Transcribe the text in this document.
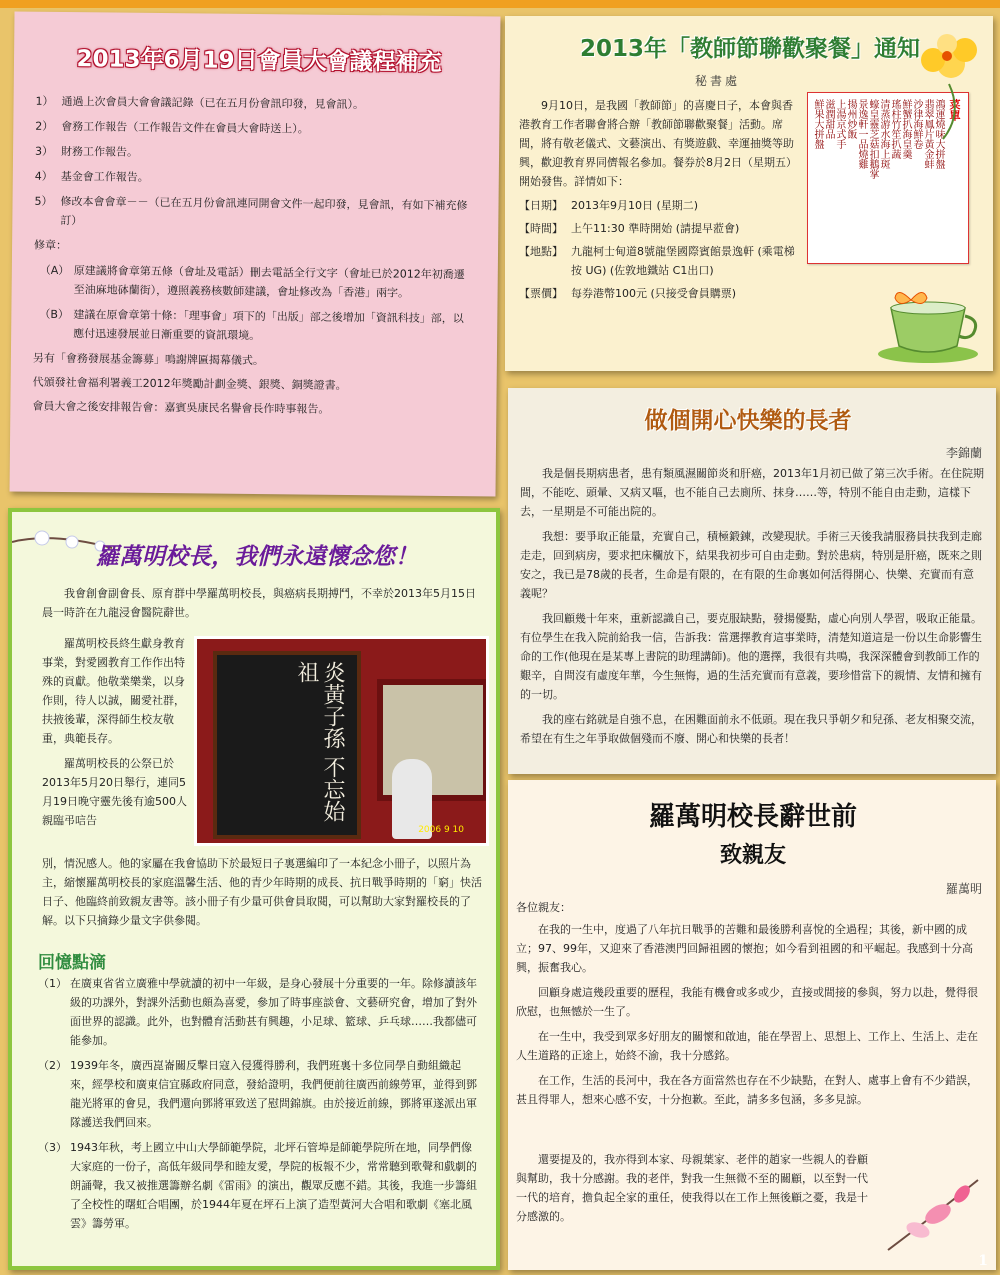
2013年6月19日會員大會議程補充
1） 通過上次會員大會會議記錄（已在五月份會訊印發，見會訊）。
2） 會務工作報告（工作報告文件在會員大會時送上）。
3） 財務工作報告。
4） 基金會工作報告。
5） 修改本會會章－－（已在五月份會訊連同開會文件一起印發，見會訊，有如下補充修訂）
修章：
（A） 原建議將會章第五條（會址及電話）刪去電話全行文字（會址已於2012年初喬遷至油麻地砵蘭街），遵照義務核數師建議，會址修改為「香港」兩字。
（B） 建議在原會章第十條：「理事會」項下的「出版」部之後增加「資訊科技」部，以應付迅速發展並日漸重要的資訊環境。
另有「會務發展基金籌募」鳴謝牌匾揭幕儀式。
代頒發社會福利署義工2012年獎勵計劃金獎、銀獎、銅獎證書。
會員大會之後安排報告會：嘉賓吳康民名譽會長作時事報告。
2013年「教師節聯歡聚餐」通知
秘書處

9月10日，是我國「教師節」的喜慶日子，本會與香港教育工作者聯會將合辦「教師節聯歡聚餐」活動。席間，將有敬老儀式、文藝演出、有獎遊戲、幸運抽獎等助興，歡迎教育界同儕報名參加。餐券於8月2日（星期五）開始發售。詳情如下：

【日期】 2013年9月10日 (星期二)
【時間】 上午11:30 準時開始 (請提早蒞會)
【地點】 九龍柯士甸道8號龍堡國際賓館景逸軒 (乘電梯按 UG) (佐敦地鐵站 C1出口)
【票價】 每券港幣100元 (只接受會員購票)
菜單
鴻運燒味大拼盤
翡翠鳳片黃金蚌
沙律海鮮卷
鮮蟹扒海皇羹
瑤柱竹笙扒蔬
清蒸游水海上斑
蠔皇靈芝菇扣鵝掌
景逸軒一品燒雞
揚州炒飯
上湯京式手
滋潤甜品
鮮果大拼盤
做個開心快樂的長者
李錦蘭

我是個長期病患者，患有類風濕關節炎和肝癌，2013年1月初已做了第三次手術。在住院期間，不能吃、頭暈、又病又嘔，也不能自己去廁所、抹身……等，特別不能自由走動，這樣下去，一星期是不可能出院的。

我想：要爭取正能量，充實自己，積極鍛鍊，改變現狀。手術三天後我請服務員扶我到走廊走走，回到病房，要求把床欄放下，結果我初步可自由走動。對於患病，特別是肝癌，既來之則安之，我已是78歲的長者，生命是有限的，在有限的生命裏如何活得開心、快樂、充實而有意義呢？

我回顧幾十年來，重新認識自己，要克服缺點，發揚優點，虛心向別人學習，吸取正能量。有位學生在我入院前給我一信，告訴我：當選擇教育這事業時，清楚知道這是一份以生命影響生命的工作(他現在是某專上書院的助理講師)。他的選擇，我很有共鳴，我深深體會到教師工作的艱辛，自問沒有虛度年華，今生無悔，過的生活充實而有意義，要珍惜當下的親情、友情和擁有的一切。

我的座右銘就是自強不息，在困難面前永不低頭。現在我只爭朝夕和兒孫、老友相聚交流，希望在有生之年爭取做個殘而不廢、開心和快樂的長者！

羅萬明校長，我們永遠懷念您！

我會創會副會長、原育群中學羅萬明校長，與癌病長期搏鬥，不幸於2013年5月15日晨一時許在九龍浸會醫院辭世。

羅萬明校長終生獻身教育事業，對愛國教育工作作出特殊的貢獻。他敬業樂業，以身作則，待人以誠，關愛社群，扶掖後輩，深得師生校友敬重，典範長存。

羅萬明校長的公祭已於2013年5月20日舉行，連同5月19日晚守靈先後有逾500人親臨弔唁告	炎黃子孫 不忘始祖
2006 9 10

別，情況感人。他的家屬在我會協助下於最短日子裏選編印了一本紀念小冊子，以照片為主，縮懷羅萬明校長的家庭溫馨生活、他的青少年時期的成長、抗日戰爭時期的「窮」快活日子、他臨終前致親友書等。該小冊子有少量可供會員取閱，可以幫助大家對羅校長的了解。以下只摘錄少量文字供參閱。

回憶點滴
（1） 在廣東省省立廣雅中學就讀的初中一年級，是身心發展十分重要的一年。除修讀該年級的功課外，對課外活動也頗為喜愛，參加了時事座談會、文藝研究會，增加了對外面世界的認識。此外，也對體育活動甚有興趣，小足球、籃球、乒乓球……我都儘可能參加。
（2） 1939年冬，廣西崑崙關反擊日寇入侵獲得勝利，我們班裏十多位同學自動組織起來，經學校和廣東信宜縣政府同意，發給證明，我們便前往廣西前線勞軍，並得到鄧龍光將軍的會見，我們還向鄧將軍致送了慰問錦旗。由於接近前線，鄧將軍遂派出軍隊護送我們回來。
（3） 1943年秋，考上國立中山大學師範學院，北坪石管埠是師範學院所在地，同學們像大家庭的一份子，高低年級同學和睦友愛，學院的板報不少，常常聽到歌聲和戲劇的朗誦聲，我又被推選籌辦名劇《雷雨》的演出，觀眾反應不錯。其後，我進一步籌組了全校性的曙虹合唱團，於1944年夏在坪石上演了造型黃河大合唱和歌劇《塞北風雲》籌勞軍。
羅萬明校長辭世前
致親友
羅萬明

各位親友：

在我的一生中，度過了八年抗日戰爭的苦難和最後勝利喜悅的全過程；其後，新中國的成立；97、99年，又迎來了香港澳門回歸祖國的懷抱；如今看到祖國的和平崛起。我感到十分高興，振奮我心。

回顧身處這幾段重要的歷程，我能有機會或多或少，直接或間接的參與，努力以赴，覺得很欣慰，也無憾於一生了。

在一生中，我受到眾多好朋友的關懷和啟迪，能在學習上、思想上、工作上、生活上、走在人生道路的正途上，始終不渝，我十分感銘。

在工作，生活的長河中，我在各方面當然也存在不少缺點，在對人、處事上會有不少錯誤，甚且得罪人，想來心感不安，十分抱歉。至此，請多多包涵，多多見諒。

還要提及的，我亦得到本家、母親葉家、老伴的趙家一些親人的眷顧與幫助，我十分感謝。我的老伴，對我一生無微不至的關顧，以至對一代一代的培育，擔負起全家的重任，使我得以在工作上無後顧之憂，我是十分感激的。

1
